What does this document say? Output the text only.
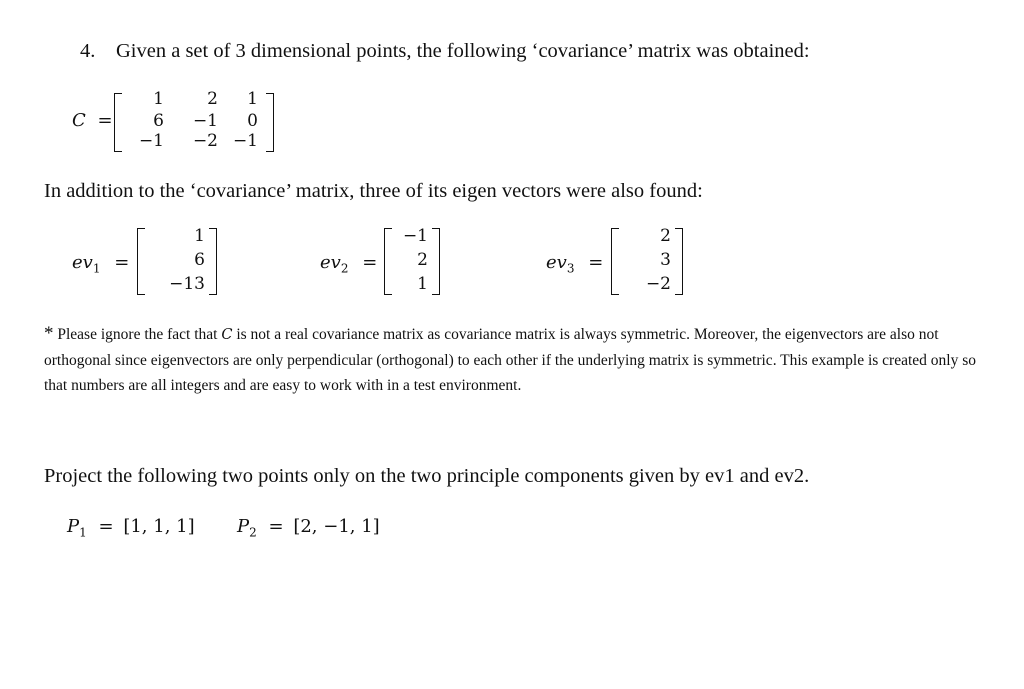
4. Given a set of 3 dimensional points, the following ‘covariance’ matrix was obtained:
C =
1	2	1
6	−1	0
−1	−2 −1
In addition to the ‘covariance’ matrix, three of its eigen vectors were also found:
$ev_1$ =
1
6
−13
$ev_2$ =
−1
2
1
$ev_3$ =
2
3
−2
* Please ignore the fact that C is not a real covariance matrix as covariance matrix is always symmetric. Moreover, the eigenvectors are also not orthogonal since eigenvectors are only perpendicular (orthogonal) to each other if the underlying matrix is symmetric. This example is created only so that numbers are all integers and are easy to work with in a test environment.
Project the following two points only on the two principle components given by ev1 and ev2.
$P_1 = [1$, 1, 1] $P_2 = [2$, −1, 1]
